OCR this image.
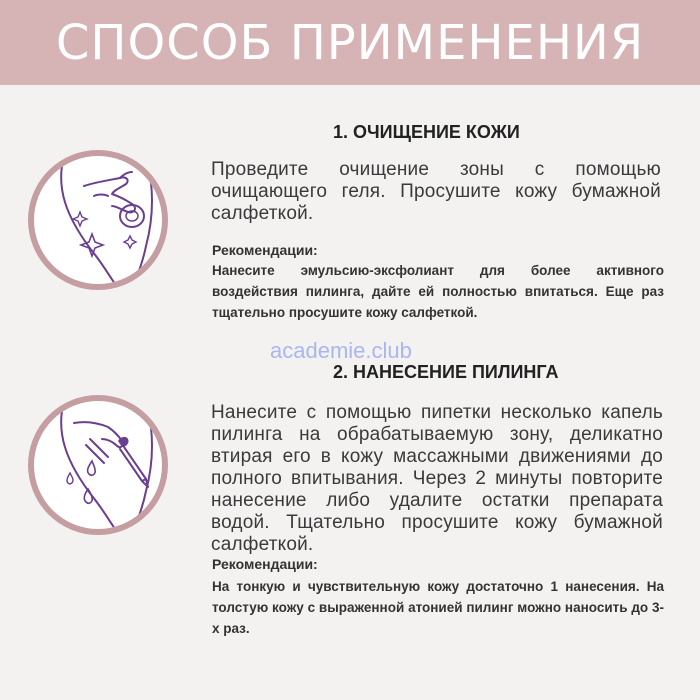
СПОСОБ ПРИМЕНЕНИЯ
1. ОЧИЩЕНИЕ КОЖИ
Проведите очищение зоны с помощью очищающего геля. Просушите кожу бумажной салфеткой.
Рекомендации:
Нанесите эмульсию-эксфолиант для более активного воздействия пилинга, дайте ей полностью впитаться. Еще раз тщательно просушите кожу салфеткой.
academie.club
2. НАНЕСЕНИЕ ПИЛИНГА
Нанесите с помощью пипетки несколько капель пилинга на обрабатываемую зону, деликатно втирая его в кожу массажными движениями до полного впитывания. Через 2 минуты повторите нанесение либо удалите остатки препарата водой. Тщательно просушите кожу бумажной салфеткой.
Рекомендации:
На тонкую и чувствительную кожу достаточно 1 нанесения. На толстую кожу с выраженной атонией пилинг можно наносить до 3-х раз.
